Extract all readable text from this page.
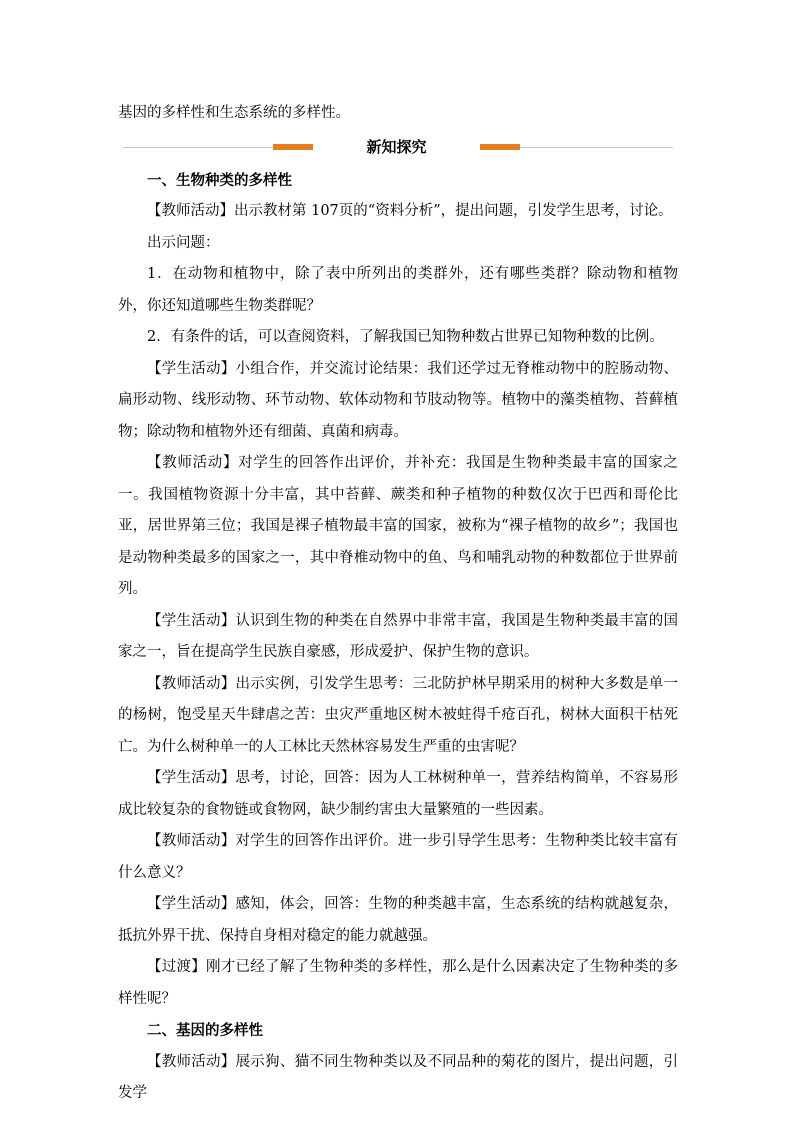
基因的多样性和生态系统的多样性。

新知探究

一、生物种类的多样性

【教师活动】出示教材第 107页的“资料分析”，提出问题，引发学生思考，讨论。

出示问题：

1．在动物和植物中，除了表中所列出的类群外，还有哪些类群？除动物和植物外，你还知道哪些生物类群呢？

2．有条件的话，可以查阅资料，了解我国已知物种数占世界已知物种数的比例。

【学生活动】小组合作，并交流讨论结果：我们还学过无脊椎动物中的腔肠动物、扁形动物、线形动物、环节动物、软体动物和节肢动物等。植物中的藻类植物、苔藓植物；除动物和植物外还有细菌、真菌和病毒。

【教师活动】对学生的回答作出评价，并补充：我国是生物种类最丰富的国家之一。我国植物资源十分丰富，其中苔藓、蕨类和种子植物的种数仅次于巴西和哥伦比亚，居世界第三位；我国是裸子植物最丰富的国家，被称为“裸子植物的故乡”；我国也是动物种类最多的国家之一，其中脊椎动物中的鱼、鸟和哺乳动物的种数都位于世界前列。

【学生活动】认识到生物的种类在自然界中非常丰富，我国是生物种类最丰富的国家之一，旨在提高学生民族自豪感，形成爱护、保护生物的意识。

【教师活动】出示实例，引发学生思考：三北防护林早期采用的树种大多数是单一的杨树，饱受星天牛肆虐之苦：虫灾严重地区树木被蛀得千疮百孔，树林大面积干枯死亡。为什么树种单一的人工林比天然林容易发生严重的虫害呢？

【学生活动】思考，讨论，回答：因为人工林树种单一，营养结构简单，不容易形成比较复杂的食物链或食物网，缺少制约害虫大量繁殖的一些因素。

【教师活动】对学生的回答作出评价。进一步引导学生思考：生物种类比较丰富有什么意义？

【学生活动】感知，体会，回答：生物的种类越丰富，生态系统的结构就越复杂，抵抗外界干扰、保持自身相对稳定的能力就越强。

【过渡】刚才已经了解了生物种类的多样性，那么是什么因素决定了生物种类的多样性呢？

二、基因的多样性

【教师活动】展示狗、猫不同生物种类以及不同品种的菊花的图片，提出问题，引发学
